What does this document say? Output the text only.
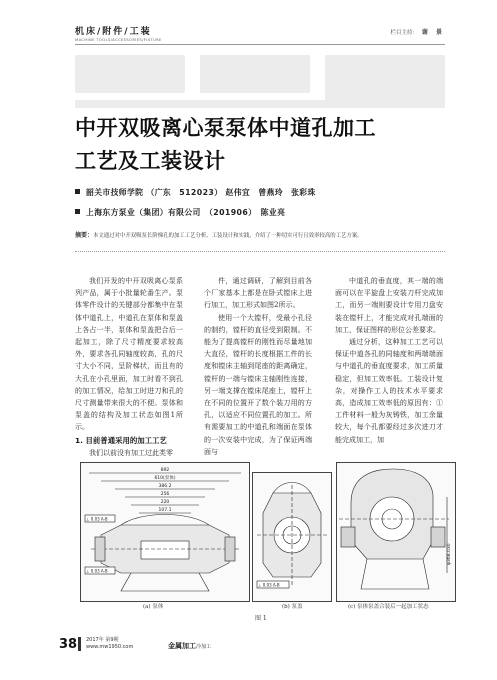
机床/附件/工装
MACHINE TOOLS/ACCESSORIES/FIXTURE
栏目主持： 谢 景
中开双吸离心泵泵体中道孔加工
工艺及工装设计
韶关市技师学院 （广东　512023） 赵伟宜　曾燕玲　张彩珠
上海东方泵业（集团）有限公司　（201906）　陈业亮
摘要：本文通过对中开双吸泵长阶梯孔的加工工艺分析、工装设计和实践，介绍了一种切实可行且效率较高的工艺方案。

我们开发的中开双吸离心泵系列产品，属于小批量轮番生产。泵体零件设计的关键部分都集中在泵体中道孔上，中道孔在泵体和泵盖上各占一半，泵体和泵盖把合后一起加工，除了尺寸精度要求较高外，要求各孔同轴度较高，孔的尺寸大小不同，呈阶梯状，而且有的大孔在小孔里面，加工时看不到孔的加工情况，给加工时进刀和孔的尺寸测量带来很大的不便。泵体和泵盖的结构及加工状态如图1所示。

1. 目前普通采用的加工工艺

我们以前没有加工过此类零

件，通过调研，了解到目前各个厂家基本上都是在卧式镗床上进行加工，加工形式如图2所示。

使用一个大镗杆，受最小孔径的制约，镗杆的直径受到限制。不能为了提高镗杆的刚性而尽量地加大直径，镗杆的长度根据工件的长度和镗床主轴到尾座的距离确定，镗杆的一端与镗床主轴刚性连接，另一端支撑在镗床尾座上，镗杆上在不同的位置开了数个装刀用的方孔，以适应不同位置孔的加工。所有需要加工的中道孔和端面在泵体的一次安装中完成，为了保证两端面与

中道孔的垂直度，其一端的端面可以在平旋盘上安装刀杆完成加工，而另一端则要设计专用刀盘安装在镗杆上，才能完成对孔端面的加工，保证图样的形位公差要求。

通过分析，这种加工工艺可以保证中道各孔的同轴度和两端端面与中道孔的垂直度要求，加工质量稳定，但加工效率低。工装设计复杂，对操作工人的技术水平要求高，造成加工效率低的原因有：①工件材料一般为灰铸铁，加工余量较大，每个孔都要经过多次进刀才能完成加工，加

892
610(泵体)
386.2
256
220
107.1
⊥ 0.03 A-B
⊥ 0.03 A-B
⊥ 0.03 A-B
φ368.030
(a) 泵体	(b) 泵盖	(c) 泵体泵盖合装后一起加工状态
图 1
38 2017年 第9期
www.mw1950.com	金属加工冷加工
